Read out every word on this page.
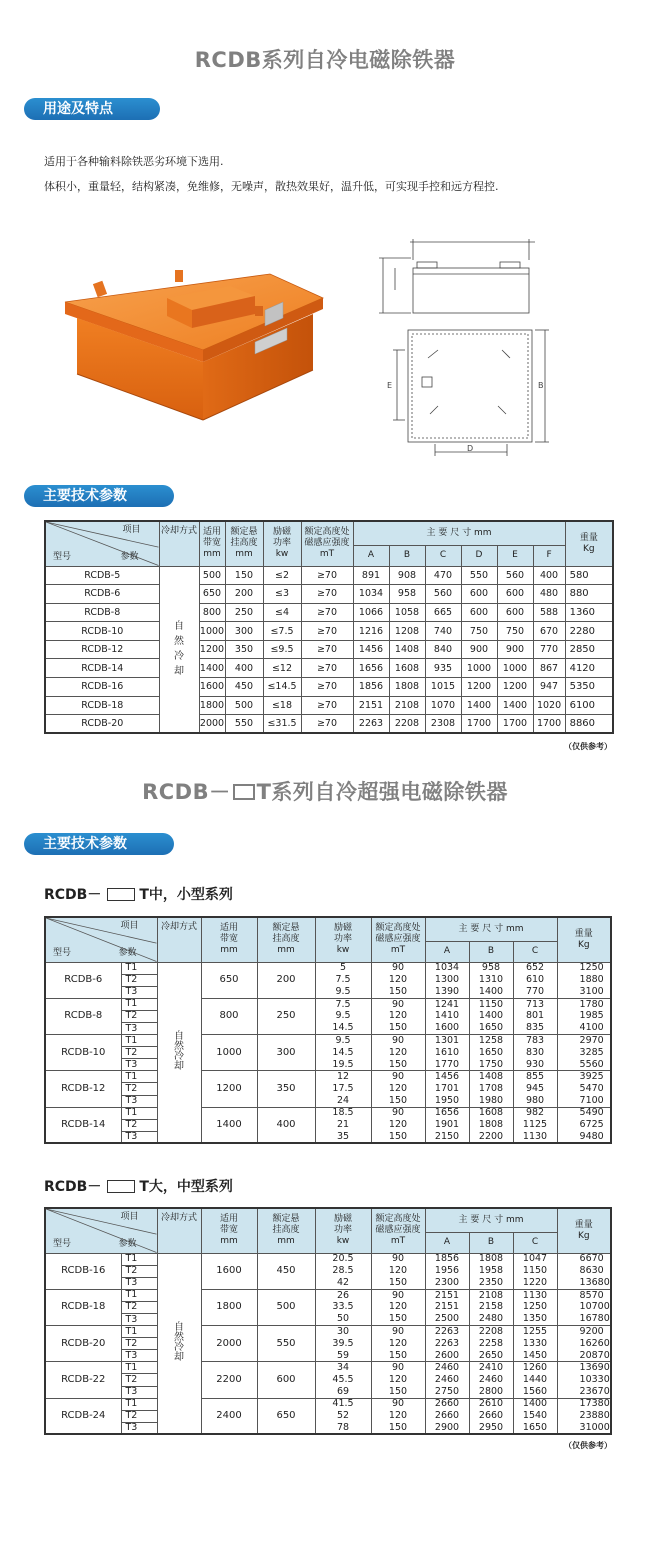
RCDB系列自冷电磁除铁器
用途及特点
适用于各种输料除铁恶劣环境下选用.
体积小，重量轻，结构紧凑，免维修，无噪声，散热效果好，温升低，可实现手控和远方程控.
B
E
D
主要技术参数
项目
参数
型号	冷却方式	适用
带宽
mm	额定悬
挂高度
mm	励磁
功率
kw	额定高度处
磁感应强度
mT	主 要 尺 寸 mm						重量
Kg
						A	B	C	D	E	F	
RCDB-5	自
然
冷
却	500	150	≤2	≥70	891	908	470	550	560	400	580
RCDB-6		650	200	≤3	≥70	1034	958	560	600	600	480	880
RCDB-8		800	250	≤4	≥70	1066	1058	665	600	600	588	1360
RCDB-10		1000	300	≤7.5	≥70	1216	1208	740	750	750	670	2280
RCDB-12		1200	350	≤9.5	≥70	1456	1408	840	900	900	770	2850
RCDB-14		1400	400	≤12	≥70	1656	1608	935	1000	1000	867	4120
RCDB-16		1600	450	≤14.5	≥70	1856	1808	1015	1200	1200	947	5350
RCDB-18		1800	500	≤18	≥70	2151	2108	1070	1400	1400	1020	6100
RCDB-20		2000	550	≤31.5	≥70	2263	2208	2308	1700	1700	1700	8860
（仅供参考）
RCDB－ T系列自冷超强电磁除铁器
主要技术参数
RCDB－	T中，小型系列
项目
参数
型号		冷却方式	适用
带宽
mm	额定悬
挂高度
mm	励磁
功率
kw	额定高度处
磁感应强度
mT	主 要 尺 寸 mm			重量
Kg
							A	B	C	
RCDB-6	T1	自
然
冷
却	650	200	5	90	1034	958	652	1250
	T2				7.5	120	1300	1310	610	1880
	T3				9.5	150	1390	1400	770	3100
RCDB-8	T1		800	250	7.5	90	1241	1150	713	1780
	T2				9.5	120	1410	1400	801	1985
	T3				14.5	150	1600	1650	835	4100
RCDB-10	T1		1000	300	9.5	90	1301	1258	783	2970
	T2				14.5	120	1610	1650	830	3285
	T3				19.5	150	1770	1750	930	5560
RCDB-12	T1		1200	350	12	90	1456	1408	855	3925
	T2				17.5	120	1701	1708	945	5470
	T3				24	150	1950	1980	980	7100
RCDB-14	T1		1400	400	18.5	90	1656	1608	982	5490
	T2				21	120	1901	1808	1125	6725
	T3				35	150	2150	2200	1130	9480
RCDB－	T大，中型系列
项目
参数
型号		冷却方式	适用
带宽
mm	额定悬
挂高度
mm	励磁
功率
kw	额定高度处
磁感应强度
mT	主 要 尺 寸 mm			重量
Kg
							A	B	C	
RCDB-16	T1	自
然
冷
却	1600	450	20.5	90	1856	1808	1047	6670
	T2				28.5	120	1956	1958	1150	8630
	T3				42	150	2300	2350	1220	13680
RCDB-18	T1		1800	500	26	90	2151	2108	1130	8570
	T2				33.5	120	2151	2158	1250	10700
	T3				50	150	2500	2480	1350	16780
RCDB-20	T1		2000	550	30	90	2263	2208	1255	9200
	T2				39.5	120	2263	2258	1330	16260
	T3				59	150	2600	2650	1450	20870
RCDB-22	T1		2200	600	34	90	2460	2410	1260	13690
	T2				45.5	120	2460	2460	1440	10330
	T3				69	150	2750	2800	1560	23670
RCDB-24	T1		2400	650	41.5	90	2660	2610	1400	17380
	T2				52	120	2660	2660	1540	23880
	T3				78	150	2900	2950	1650	31000
（仅供参考）
